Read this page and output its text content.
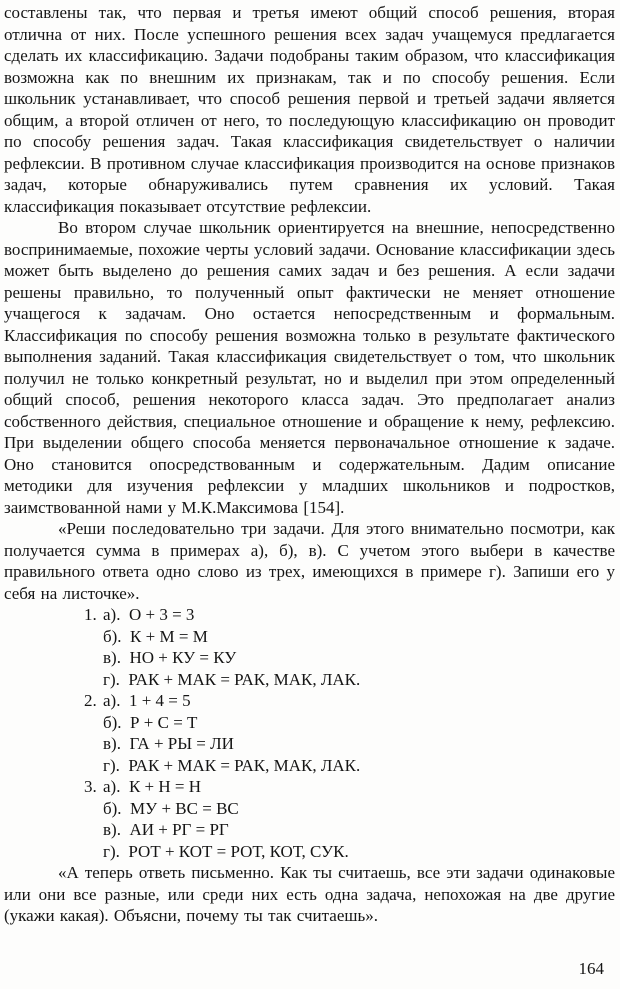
составлены так, что первая и третья имеют общий способ решения, вторая отлична от них. После успешного решения всех задач учащемуся предлагается сделать их классификацию. Задачи подобраны таким образом, что классификация возможна как по внешним их признакам, так и по способу решения. Если школьник устанавливает, что способ решения первой и третьей задачи является общим, а второй отличен от него, то последующую классификацию он проводит по способу решения задач. Такая классификация свидетельствует о наличии рефлексии. В противном случае классификация производится на основе признаков задач, которые обнаруживались путем сравнения их условий. Такая классификация показывает отсутствие рефлексии.

Во втором случае школьник ориентируется на внешние, непосредственно воспринимаемые, похожие черты условий задачи. Основание классификации здесь может быть выделено до решения самих задач и без решения. А если задачи решены правильно, то полученный опыт фактически не меняет отношение учащегося к задачам. Оно остается непосредственным и формальным. Классификация по способу решения возможна только в результате фактического выполнения заданий. Такая классификация свидетельствует о том, что школьник получил не только конкретный результат, но и выделил при этом определенный общий способ, решения некоторого класса задач. Это предполагает анализ собственного действия, специальное отношение и обращение к нему, рефлексию. При выделении общего способа меняется первоначальное отношение к задаче. Оно становится опосредствованным и содержательным. Дадим описание методики для изучения рефлексии у младших школьников и подростков, заимствованной нами у М.К.Максимова [154].

«Реши последовательно три задачи. Для этого внимательно посмотри, как получается сумма в примерах а), б), в). С учетом этого выбери в качестве правильного ответа одно слово из трех, имеющихся в примере г). Запиши его у себя на листочке».

1. а).  О + 3 = 3
б).  К + М = М
в).  НО + КУ = КУ
г).  РАК + МАК = РАК, МАК, ЛАК.
2. а).  1 + 4 = 5
б).  Р + С = Т
в).  ГА + РЫ = ЛИ
г).  РАК + МАК = РАК, МАК, ЛАК.
3. а).  К + Н = Н
б).  МУ + ВС = ВС
в).  АИ + РГ = РГ
г).  РОТ + КОТ = РОТ, КОТ, СУК.

«А теперь ответь письменно. Как ты считаешь, все эти задачи одинаковые или они все разные, или среди них есть одна задача, непохожая на две другие (укажи какая). Объясни, почему ты так считаешь».

164
